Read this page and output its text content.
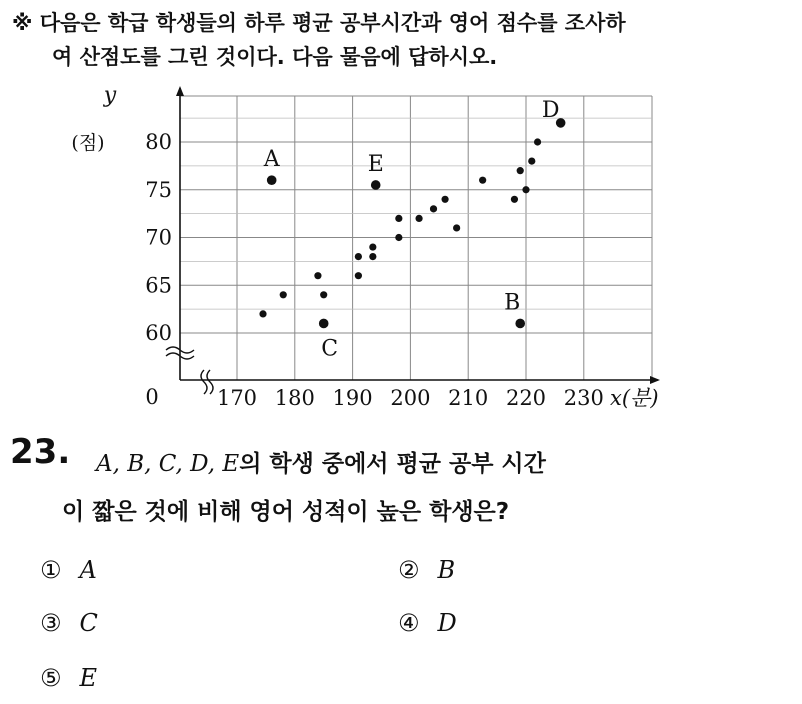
※ 다음은 학급 학생들의 하루 평균 공부시간과 영어 점수를 조사하
여 산점도를 그린 것이다. 다음 물음에 답하시오.
170 180 190 200 210 220 230
60
65
70
75
80
0	x(분)
y
(점)
A
B
C
D
E
23. A, B, C, D, E의 학생 중에서 평균 공부 시간
이 짧은 것에 비해 영어 성적이 높은 학생은?
① A	② B
③ C	④ D
⑤ E
